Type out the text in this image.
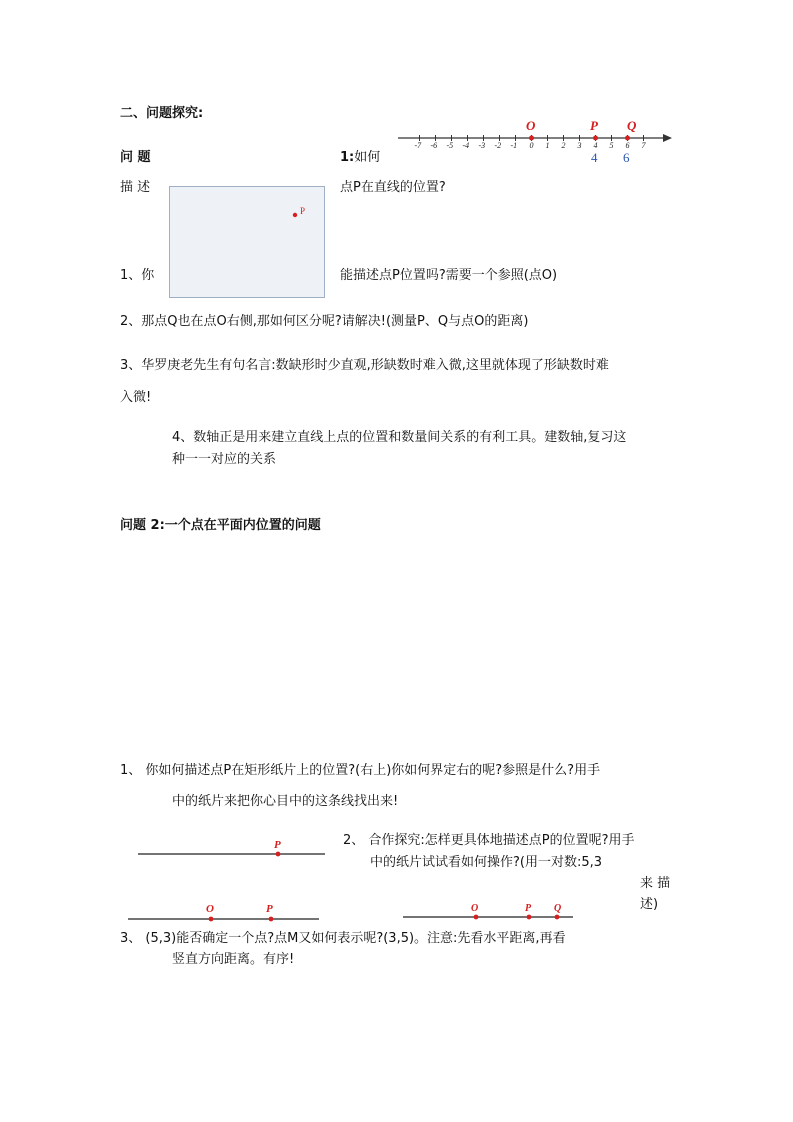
二、问题探究:
-7 -6 -5 -4 -3 -2 -1 0 1 2 3 4 5 6 7
O	P Q
4 6
问 题	1:如何
描 述	点P在直线的位置?
P
1、你	能描述点P位置吗?需要一个参照(点O)
2、那点Q也在点O右侧,那如何区分呢?请解决!(测量P、Q与点O的距离)
3、华罗庚老先生有句名言:数缺形时少直观,形缺数时难入微,这里就体现了形缺数时难
入微!
4、数轴正是用来建立直线上点的位置和数量间关系的有利工具。建数轴,复习这
种一一对应的关系
问题 2:一个点在平面内位置的问题
1、 你如何描述点P在矩形纸片上的位置?(右上)你如何界定右的呢?参照是什么?用手
中的纸片来把你心目中的这条线找出来!
P	2、 合作探究:怎样更具体地描述点P的位置呢?用手
中的纸片试试看如何操作?(用一对数:5,3
来 描
述)
O	P	O	P Q
3、 (5,3)能否确定一个点?点M又如何表示呢?(3,5)。注意:先看水平距离,再看
竖直方向距离。有序!
